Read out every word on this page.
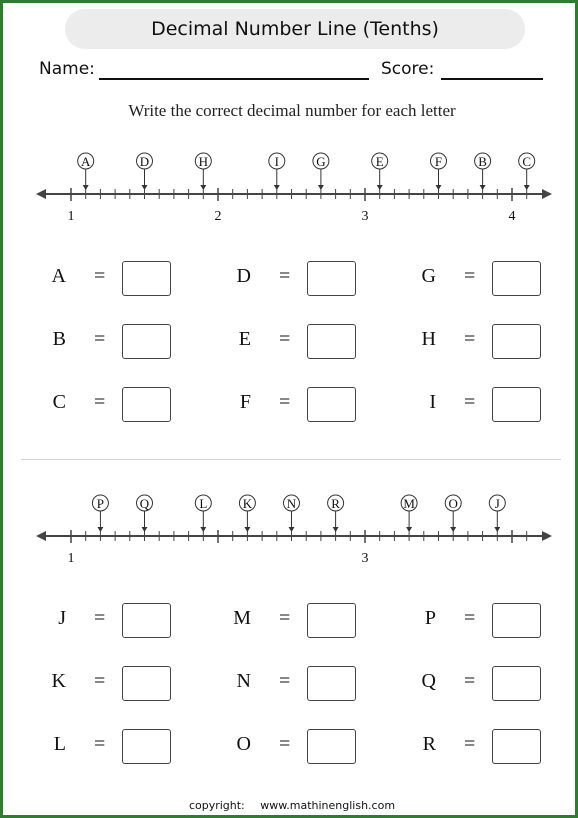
Decimal Number Line (Tenths)
Name:	Score:
Write the correct decimal number for each letter
1	2	3	4
A	D	H	I	G	E	F	B	C
A =	D =	G =
B =	E =	H =
C =	F =	I =
1	3
P	Q	L	K	N	R	M	O	J
J =	M =	P =
K =	N =	Q =
L =	O =	R =
copyright: www.mathinenglish.com
